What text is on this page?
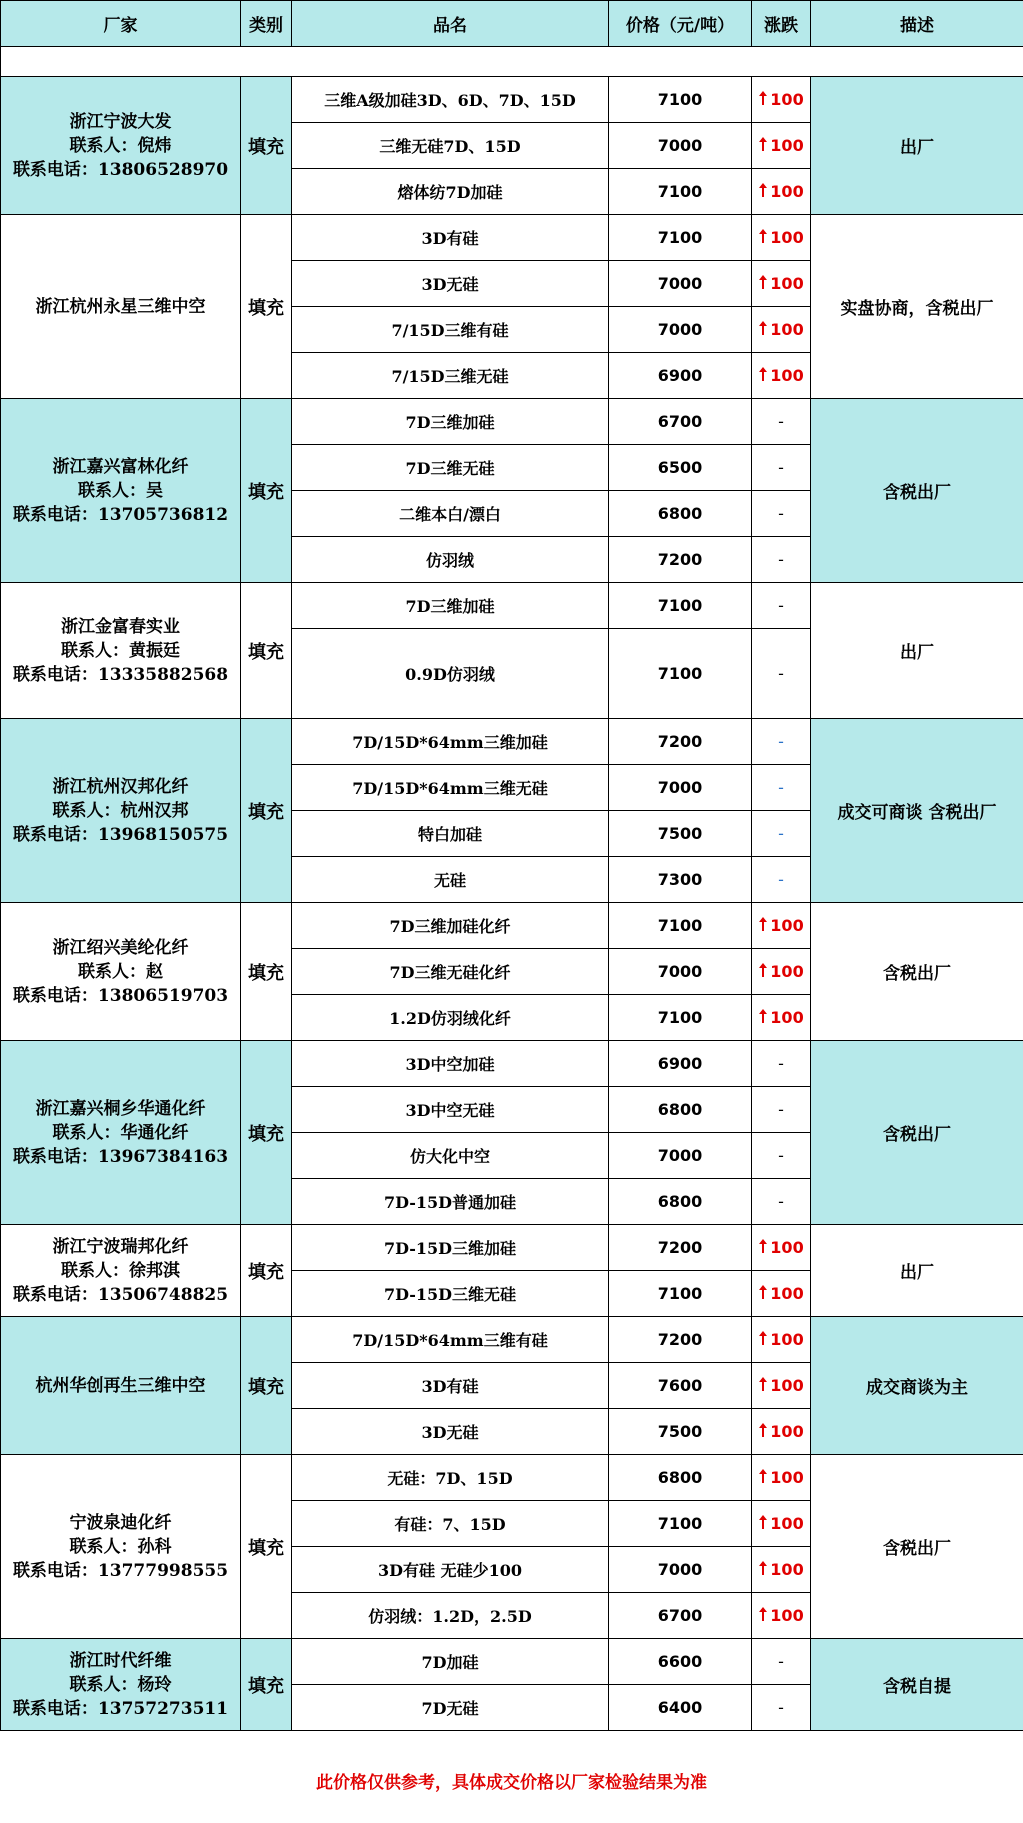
厂家	类别	品名	价格（元/吨）	涨跌	描述

浙江宁波大发
联系人：倪炜
联系电话：13806528970	填充	三维A级加硅3D、6D、7D、15D	7100	100	出厂
		三维无硅7D、15D	7000	100	
		熔体纺7D加硅	7100	100	

浙江杭州永星三维中空	填充	3D有硅	7100	100	实盘协商，含税出厂
		3D无硅	7000	100	
		7/15D三维有硅	7000	100	
		7/15D三维无硅	6900	100	

浙江嘉兴富林化纤
联系人：吴
联系电话：13705736812	填充	7D三维加硅	6700	-	含税出厂
		7D三维无硅	6500	-	
		二维本白/漂白	6800	-	
		仿羽绒	7200	-	

浙江金富春实业
联系人：黄振廷
联系电话：13335882568	填充	7D三维加硅	7100	-	出厂
		0.9D仿羽绒	7100	-	

浙江杭州汉邦化纤
联系人：杭州汉邦
联系电话：13968150575	填充	7D/15D*64mm三维加硅	7200	-	成交可商谈 含税出厂
		7D/15D*64mm三维无硅	7000	-	
		特白加硅	7500	-	
		无硅	7300	-	

浙江绍兴美纶化纤
联系人：赵
联系电话：13806519703	填充	7D三维加硅化纤	7100	100	含税出厂
		7D三维无硅化纤	7000	100	
		1.2D仿羽绒化纤	7100	100	

浙江嘉兴桐乡华通化纤
联系人：华通化纤
联系电话：13967384163	填充	3D中空加硅	6900	-	含税出厂
		3D中空无硅	6800	-	
		仿大化中空	7000	-	
		7D-15D普通加硅	6800	-	

浙江宁波瑞邦化纤
联系人：徐邦淇
联系电话：13506748825	填充	7D-15D三维加硅	7200	100	出厂
		7D-15D三维无硅	7100	100	

杭州华创再生三维中空	填充	7D/15D*64mm三维有硅	7200	100	成交商谈为主
		3D有硅	7600	100	
		3D无硅	7500	100	

宁波泉迪化纤
联系人：孙科
联系电话：13777998555	填充	无硅：7D、15D	6800	100	含税出厂
		有硅：7、15D	7100	100	
		3D有硅 无硅少100	7000	100	
		仿羽绒：1.2D，2.5D	6700	100	

浙江时代纤维
联系人：杨玲
联系电话：13757273511	填充	7D加硅	6600	-	含税自提
		7D无硅	6400	-	
此价格仅供参考，具体成交价格以厂家检验结果为准
